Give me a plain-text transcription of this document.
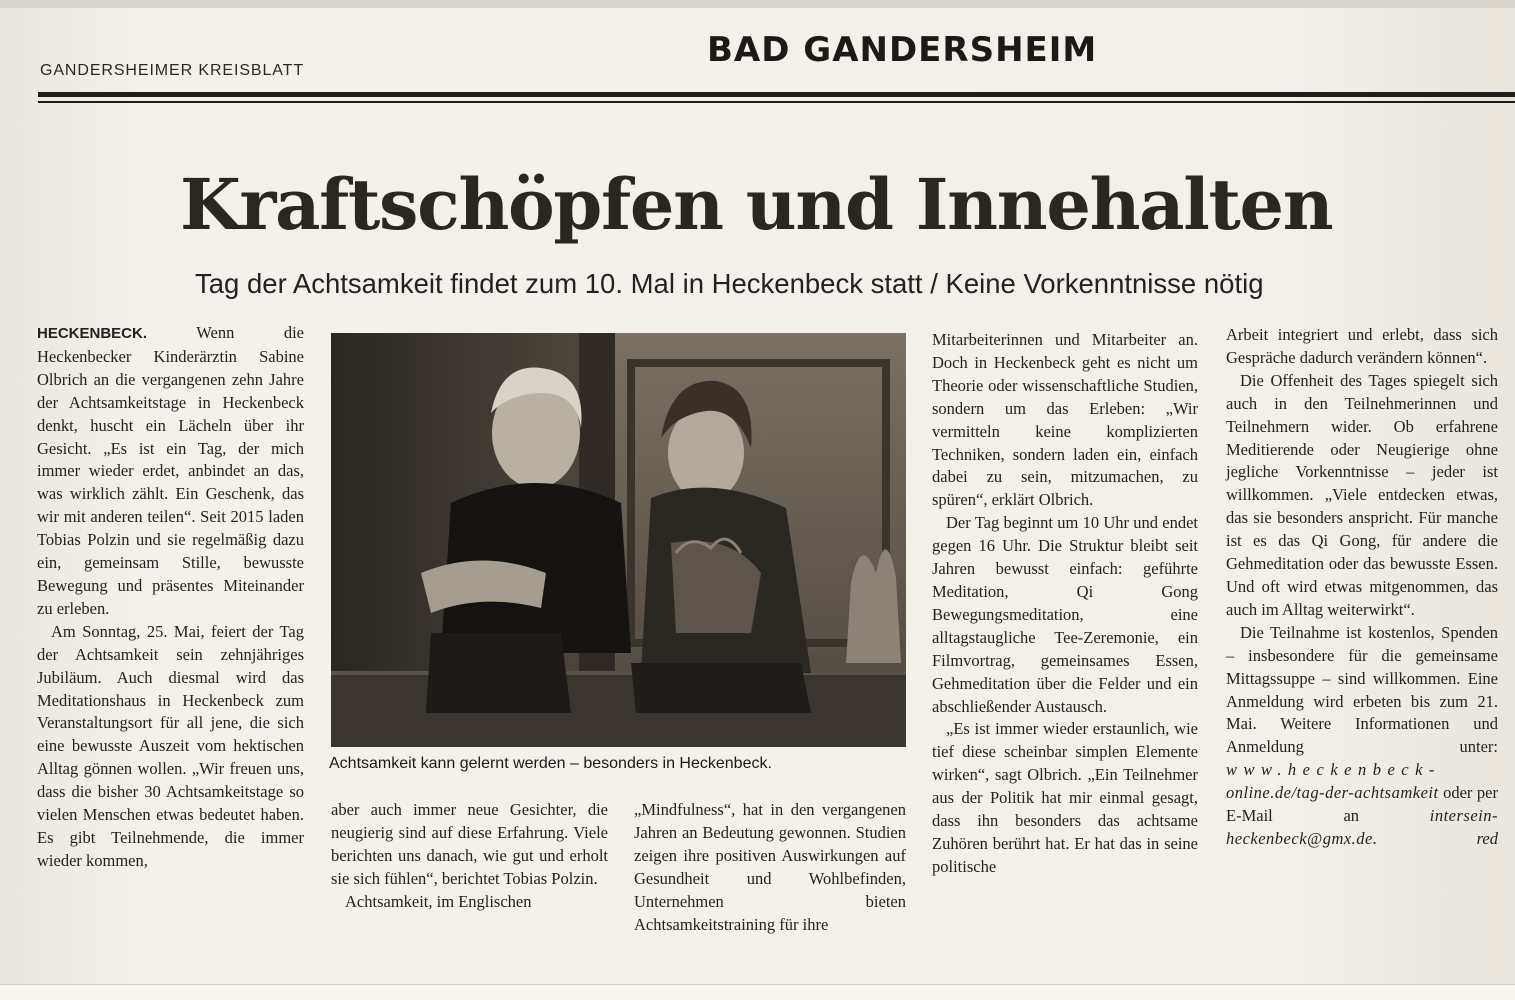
GANDERSHEIMER KREISBLATT
BAD GANDERSHEIM
Kraftschöpfen und Innehalten
Tag der Achtsamkeit findet zum 10. Mal in Heckenbeck statt / Keine Vorkenntnisse nötig

HECKENBECK.	Wenn die Heckenbecker Kinderärztin Sabine Olbrich an die vergangenen zehn Jahre der Achtsamkeitstage in Heckenbeck denkt, huscht ein Lächeln über ihr Gesicht. „Es ist ein Tag, der mich immer wieder erdet, anbindet an das, was wirklich zählt. Ein Geschenk, das wir mit anderen teilen“. Seit 2015 laden Tobias Polzin und sie regelmäßig dazu ein, gemeinsam Stille, bewusste Bewegung und präsentes Miteinander zu erleben.

Am Sonntag, 25. Mai, feiert der Tag der Achtsamkeit sein zehnjähriges Jubiläum. Auch diesmal wird das Meditationshaus in Heckenbeck zum Veranstaltungsort für all jene, die sich eine bewusste Auszeit vom hektischen Alltag gönnen wollen. „Wir freuen uns, dass die bisher 30 Achtsamkeitstage so vielen Menschen etwas bedeutet haben. Es gibt Teilnehmende, die immer wieder kommen,

Achtsamkeit kann gelernt werden – besonders in Heckenbeck.

aber auch immer neue Gesichter, die neugierig sind auf diese Erfahrung. Viele berichten uns danach, wie gut und erholt sie sich fühlen“, berichtet Tobias Polzin.

Achtsamkeit, im Englischen

„Mindfulness“, hat in den vergangenen Jahren an Bedeutung gewonnen. Studien zeigen ihre positiven Auswirkungen auf Gesundheit und Wohlbefinden, Unternehmen bieten Achtsamkeitstraining für ihre

Mitarbeiterinnen und Mitarbeiter an. Doch in Heckenbeck geht es nicht um Theorie oder wissenschaftliche Studien, sondern um das Erleben: „Wir vermitteln keine komplizierten Techniken, sondern laden ein, einfach dabei zu sein, mitzumachen, zu spüren“, erklärt Olbrich.

Der Tag beginnt um 10 Uhr und endet gegen 16 Uhr. Die Struktur bleibt seit Jahren bewusst einfach: geführte Meditation, Qi Gong Bewegungsmeditation, eine alltagstaugliche Tee-Zeremonie, ein Filmvortrag, gemeinsames Essen, Gehmeditation über die Felder und ein abschließender Austausch.

„Es ist immer wieder erstaunlich, wie tief diese scheinbar simplen Elemente wirken“, sagt Olbrich. „Ein Teilnehmer aus der Politik hat mir einmal gesagt, dass ihn besonders das achtsame Zuhören berührt hat. Er hat das in seine politische

Arbeit integriert und erlebt, dass sich Gespräche dadurch verändern können“.

Die Offenheit des Tages spiegelt sich auch in den Teilnehmerinnen und Teilnehmern wider. Ob erfahrene Meditierende oder Neugierige ohne jegliche Vorkenntnisse – jeder ist willkommen. „Viele entdecken etwas, das sie besonders anspricht. Für manche ist es das Qi Gong, für andere die Gehmeditation oder das bewusste Essen. Und oft wird etwas mitgenommen, das auch im Alltag weiterwirkt“.

Die Teilnahme ist kostenlos, Spenden – insbesondere für die gemeinsame Mittagssuppe – sind willkommen. Eine Anmeldung wird erbeten bis zum 21. Mai. Weitere Informationen und Anmeldung unter: www.heckenbeck-online.de/tag-der-achtsamkeit oder per E-Mail an	intersein-heckenbeck@gmx.de.	red
